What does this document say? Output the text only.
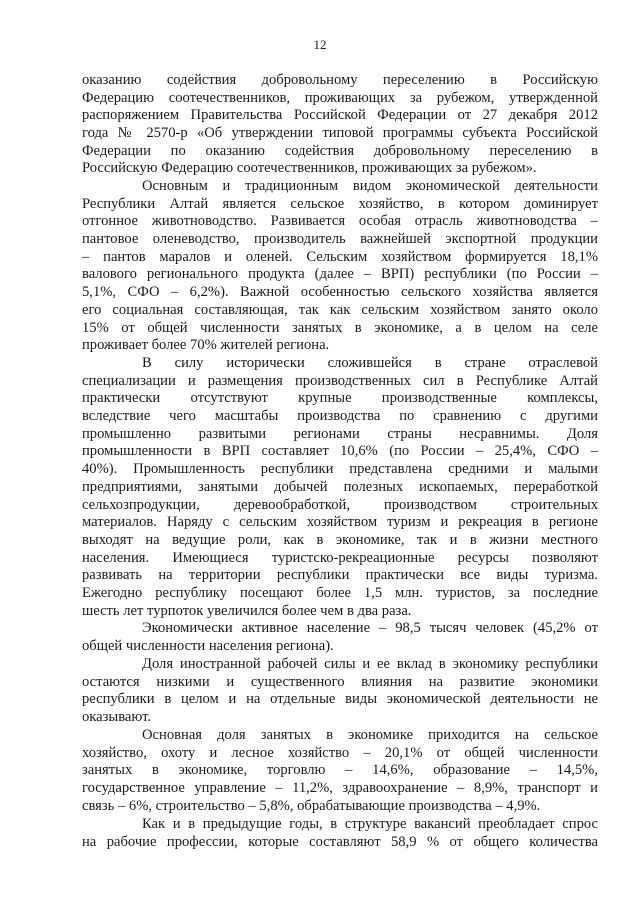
12
оказанию содействия добровольному переселению в Российскую
Федерацию соотечественников, проживающих за рубежом, утвержденной
распоряжением Правительства Российской Федерации от 27 декабря 2012
года № 2570-р «Об утверждении типовой программы субъекта Российской
Федерации по оказанию содействия добровольному переселению в
Российскую Федерацию соотечественников, проживающих за рубежом».
Основным и традиционным видом экономической деятельности
Республики Алтай является сельское хозяйство, в котором доминирует
отгонное животноводство. Развивается особая отрасль животноводства –
пантовое оленеводство, производитель важнейшей экспортной продукции
– пантов маралов и оленей. Сельским хозяйством формируется 18,1%
валового регионального продукта (далее – ВРП) республики (по России –
5,1%, СФО – 6,2%). Важной особенностью сельского хозяйства является
его социальная составляющая, так как сельским хозяйством занято около
15% от общей численности занятых в экономике, а в целом на селе
проживает более 70% жителей региона.
В силу исторически сложившейся в стране отраслевой
специализации и размещения производственных сил в Республике Алтай
практически отсутствуют крупные производственные комплексы,
вследствие чего масштабы производства по сравнению с другими
промышленно развитыми регионами страны несравнимы. Доля
промышленности в ВРП составляет 10,6% (по России – 25,4%, СФО –
40%). Промышленность республики представлена средними и малыми
предприятиями, занятыми добычей полезных ископаемых, переработкой
сельхозпродукции, деревообработкой, производством строительных
материалов. Наряду с сельским хозяйством туризм и рекреация в регионе
выходят на ведущие роли, как в экономике, так и в жизни местного
населения. Имеющиеся туристско-рекреационные ресурсы позволяют
развивать на территории республики практически все виды туризма.
Ежегодно республику посещают более 1,5 млн. туристов, за последние
шесть лет турпоток увеличился более чем в два раза.
Экономически активное население – 98,5 тысяч человек (45,2% от
общей численности населения региона).
Доля иностранной рабочей силы и ее вклад в экономику республики
остаются низкими и существенного влияния на развитие экономики
республики в целом и на отдельные виды экономической деятельности не
оказывают.
Основная доля занятых в экономике приходится на сельское
хозяйство, охоту и лесное хозяйство – 20,1% от общей численности
занятых в экономике, торговлю – 14,6%, образование – 14,5%,
государственное управление – 11,2%, здравоохранение – 8,9%, транспорт и
связь – 6%, строительство – 5,8%, обрабатывающие производства – 4,9%.
Как и в предыдущие годы, в структуре вакансий преобладает спрос
на рабочие профессии, которые составляют 58,9 % от общего количества
